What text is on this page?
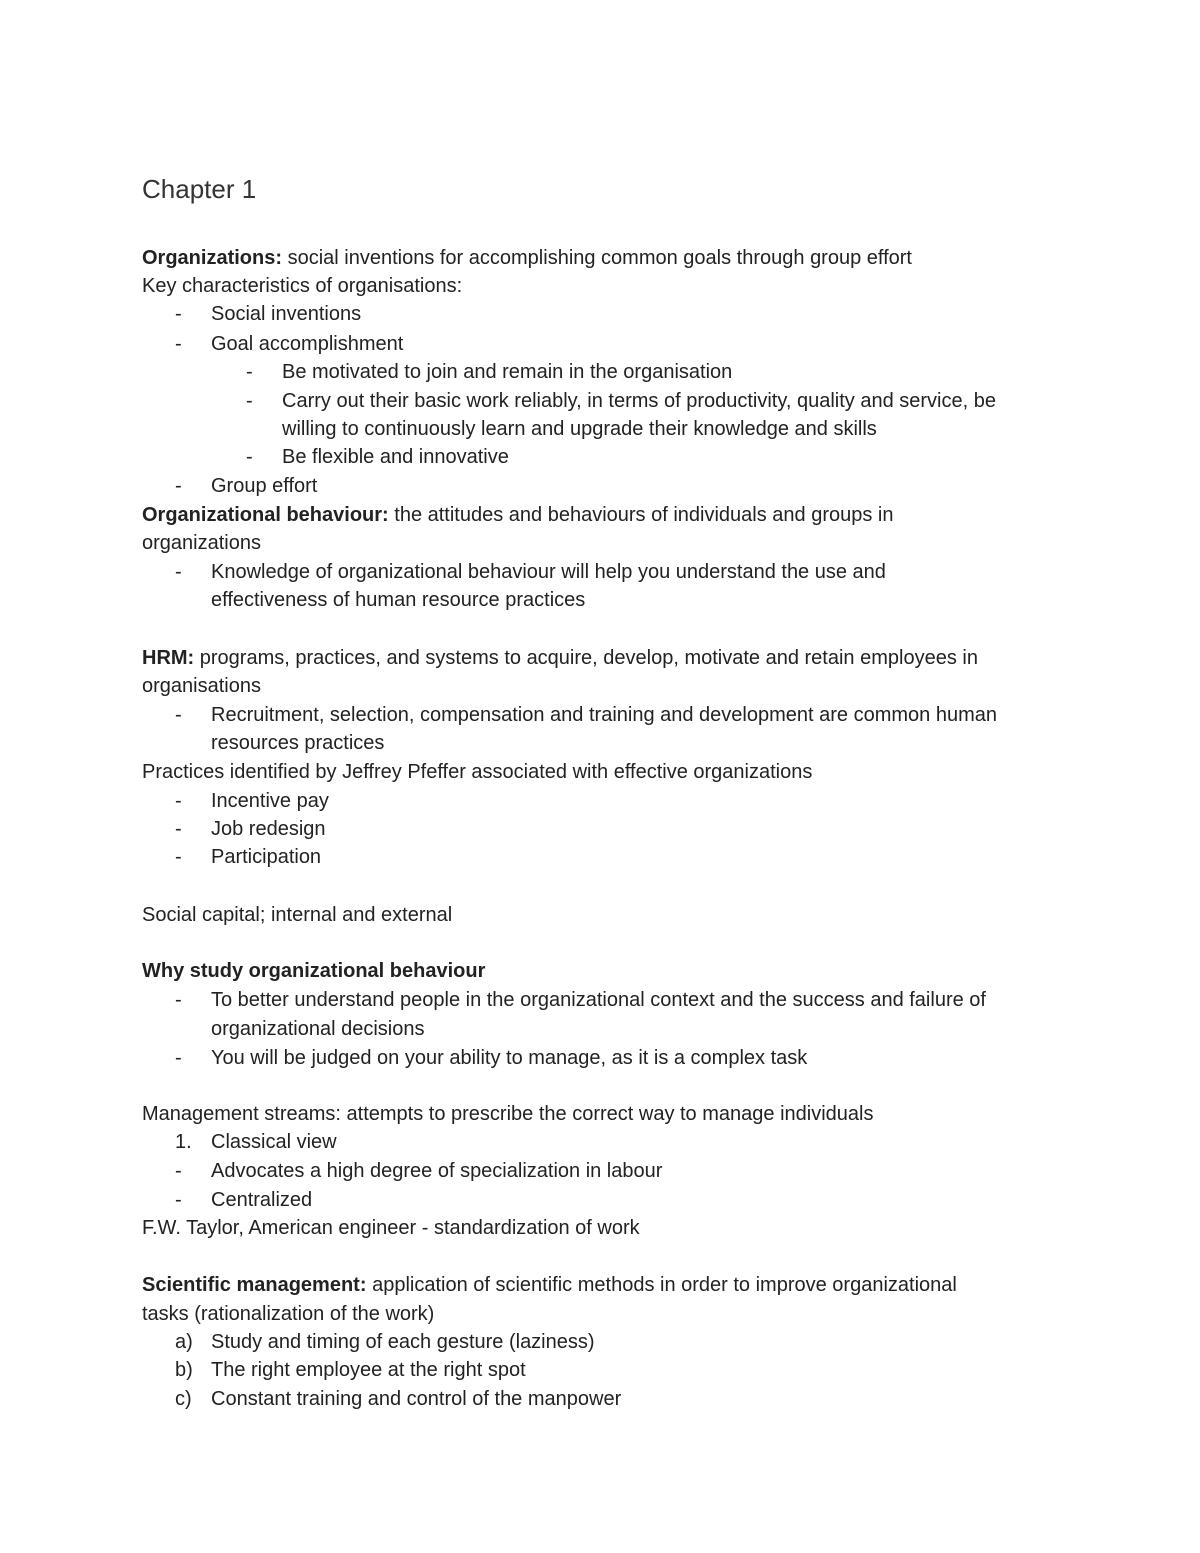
Chapter 1
Organizations: social inventions for accomplishing common goals through group effort
Key characteristics of organisations:
- Social inventions
- Goal accomplishment
- Be motivated to join and remain in the organisation
- Carry out their basic work reliably, in terms of productivity, quality and service, be
willing to continuously learn and upgrade their knowledge and skills
- Be flexible and innovative
- Group effort
Organizational behaviour: the attitudes and behaviours of individuals and groups in
organizations
- Knowledge of organizational behaviour will help you understand the use and
effectiveness of human resource practices
HRM: programs, practices, and systems to acquire, develop, motivate and retain employees in
organisations
- Recruitment, selection, compensation and training and development are common human
resources practices
Practices identified by Jeffrey Pfeffer associated with effective organizations
- Incentive pay
- Job redesign
- Participation
Social capital; internal and external
Why study organizational behaviour
- To better understand people in the organizational context and the success and failure of
organizational decisions
- You will be judged on your ability to manage, as it is a complex task
Management streams: attempts to prescribe the correct way to manage individuals
1. Classical view
- Advocates a high degree of specialization in labour
- Centralized
F.W. Taylor, American engineer - standardization of work
Scientific management: application of scientific methods in order to improve organizational
tasks (rationalization of the work)
a) Study and timing of each gesture (laziness)
b) The right employee at the right spot
c) Constant training and control of the manpower
